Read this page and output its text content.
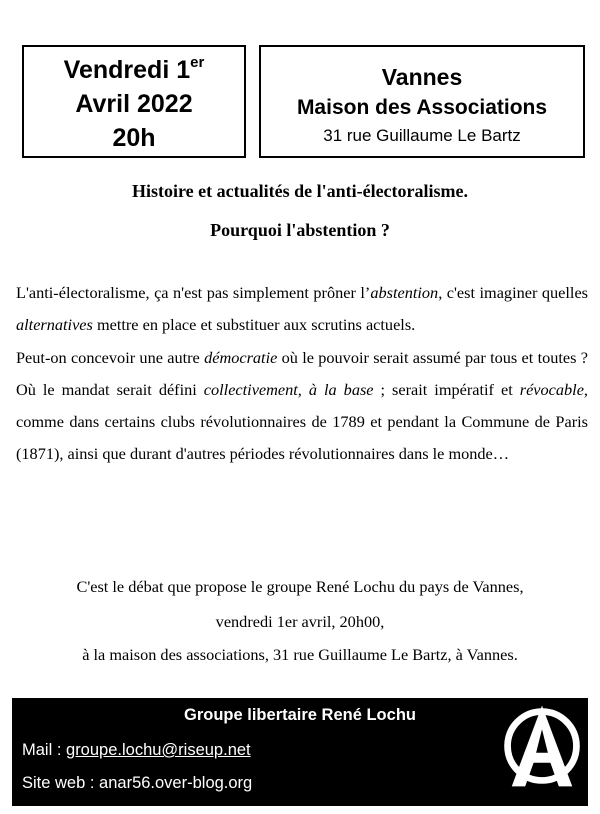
Vendredi 1er
Avril 2022
20h
Vannes
Maison des Associations
31 rue Guillaume Le Bartz
Histoire et actualités de l'anti-électoralisme.
Pourquoi l'abstention ?

L'anti-électoralisme, ça n'est pas simplement prôner l’abstention, c'est imaginer quelles alternatives mettre en place et substituer aux scrutins actuels.

Peut-on concevoir une autre démocratie où le pouvoir serait assumé par tous et toutes ? Où le mandat serait défini collectivement, à la base ; serait impératif et révocable, comme dans certains clubs révolutionnaires de 1789 et pendant la Commune de Paris (1871), ainsi que durant d'autres périodes révolutionnaires dans le monde…

C'est le débat que propose le groupe René Lochu du pays de Vannes,
vendredi 1er avril, 20h00,
à la maison des associations, 31 rue Guillaume Le Bartz, à Vannes.
Groupe libertaire René Lochu
Mail : groupe.lochu@riseup.net
Site web : anar56.over-blog.org
